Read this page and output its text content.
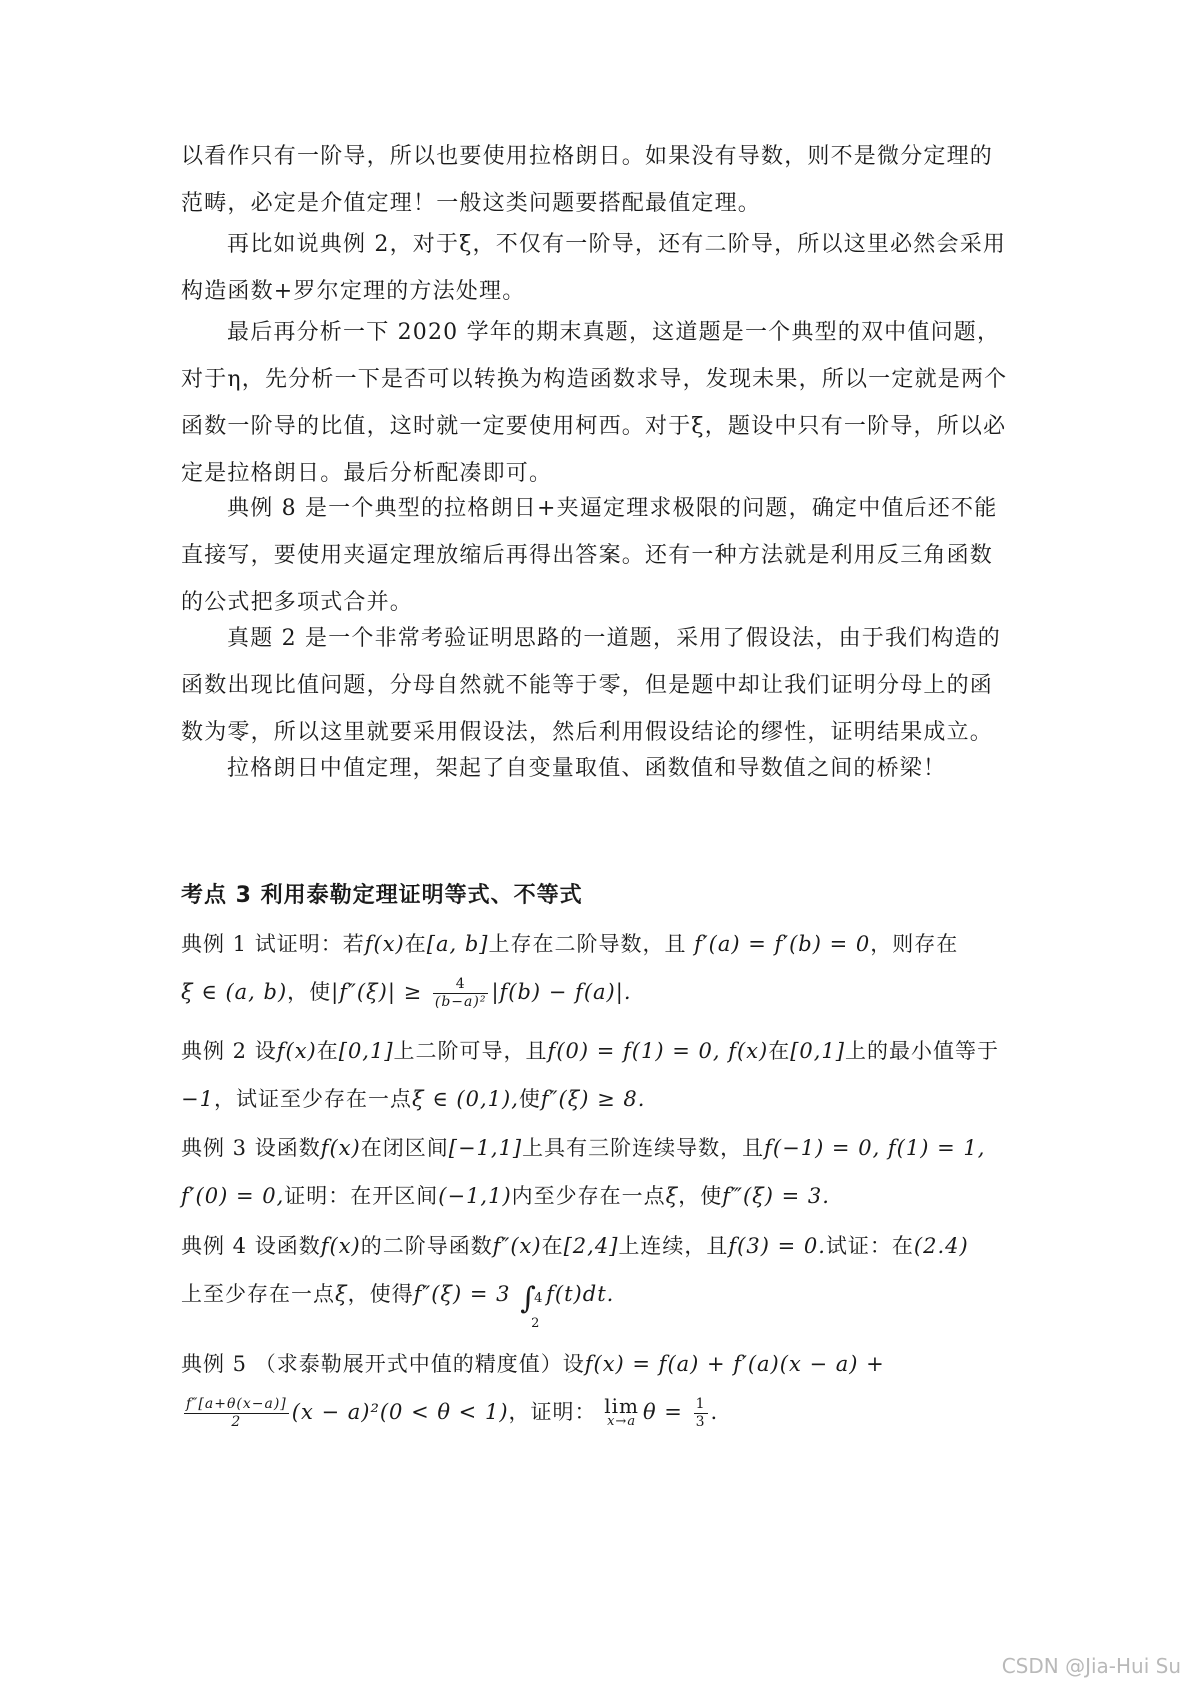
以看作只有一阶导，所以也要使用拉格朗日。如果没有导数，则不是微分定理的范畴，必定是介值定理！一般这类问题要搭配最值定理。
再比如说典例 2，对于ξ，不仅有一阶导，还有二阶导，所以这里必然会采用构造函数+罗尔定理的方法处理。
最后再分析一下 2020 学年的期末真题，这道题是一个典型的双中值问题，对于η，先分析一下是否可以转换为构造函数求导，发现未果，所以一定就是两个函数一阶导的比值，这时就一定要使用柯西。对于ξ，题设中只有一阶导，所以必定是拉格朗日。最后分析配凑即可。
典例 8 是一个典型的拉格朗日+夹逼定理求极限的问题，确定中值后还不能直接写，要使用夹逼定理放缩后再得出答案。还有一种方法就是利用反三角函数的公式把多项式合并。
真题 2 是一个非常考验证明思路的一道题，采用了假设法，由于我们构造的函数出现比值问题，分母自然就不能等于零，但是题中却让我们证明分母上的函数为零，所以这里就要采用假设法，然后利用假设结论的缪性，证明结果成立。
拉格朗日中值定理，架起了自变量取值、函数值和导数值之间的桥梁！
考点 3 利用泰勒定理证明等式、不等式
典例 1 试证明：若f(x)在[a, b]上存在二阶导数，且 f′(a) = f′(b) = 0，则存在
ξ ∈ (a, b)，使$|f''(\xi)| \ge \frac{4}{\text{(b−a)²}} |f(b) - f(a)|$.
典例 2 设f(x)在[0,1]上二阶可导，且f(0) = f(1) = 0, f(x)在[0,1]上的最小值等于−1，试证至少存在一点ξ ∈ (0,1),使f″(ξ) ≥ 8.
典例 3 设函数f(x)在闭区间[−1,1]上具有三阶连续导数，且f(−1) = 0, f(1) = 1, f′(0) = 0,证明：在开区间(−1,1)内至少存在一点ξ，使f‴(ξ) = 3.
典例 4 设函数f(x)的二阶导函数f″(x)在[2,4]上连续，且f(3) = 0.试证：在(2.4)
上至少存在一点ξ，使得f″(ξ) = 3 ∫
4
2
f(t)dt.
典例 5 （求泰勒展开式中值的精度值）设f(x) = f(a) + f′(a)(x − a) +

$\frac{f''[a+\theta(x-a)]}{2} (x - a)^2(0 < \theta < 1)$，证明： lim
x→a $\theta = \frac{1}{3}$ .
CSDN @Jia-Hui Su
